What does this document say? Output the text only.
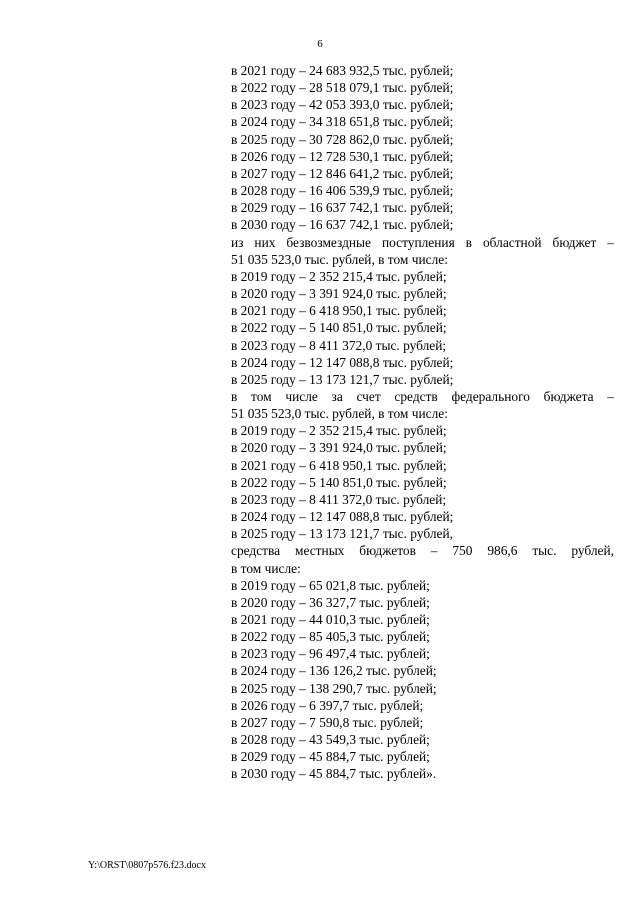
6
в 2021 году – 24 683 932,5 тыс. рублей;
в 2022 году – 28 518 079,1 тыс. рублей;
в 2023 году – 42 053 393,0 тыс. рублей;
в 2024 году – 34 318 651,8 тыс. рублей;
в 2025 году – 30 728 862,0 тыс. рублей;
в 2026 году – 12 728 530,1 тыс. рублей;
в 2027 году – 12 846 641,2 тыс. рублей;
в 2028 году – 16 406 539,9 тыс. рублей;
в 2029 году – 16 637 742,1 тыс. рублей;
в 2030 году – 16 637 742,1 тыс. рублей;
из них безвозмездные поступления в областной бюджет –
51 035 523,0 тыс. рублей, в том числе:
в 2019 году – 2 352 215,4 тыс. рублей;
в 2020 году – 3 391 924,0 тыс. рублей;
в 2021 году – 6 418 950,1 тыс. рублей;
в 2022 году – 5 140 851,0 тыс. рублей;
в 2023 году – 8 411 372,0 тыс. рублей;
в 2024 году – 12 147 088,8 тыс. рублей;
в 2025 году – 13 173 121,7 тыс. рублей;
в том числе за счет средств федерального бюджета –
51 035 523,0 тыс. рублей, в том числе:
в 2019 году – 2 352 215,4 тыс. рублей;
в 2020 году – 3 391 924,0 тыс. рублей;
в 2021 году – 6 418 950,1 тыс. рублей;
в 2022 году – 5 140 851,0 тыс. рублей;
в 2023 году – 8 411 372,0 тыс. рублей;
в 2024 году – 12 147 088,8 тыс. рублей;
в 2025 году – 13 173 121,7 тыс. рублей,
средства местных бюджетов – 750 986,6 тыс. рублей,
в том числе:
в 2019 году – 65 021,8 тыс. рублей;
в 2020 году – 36 327,7 тыс. рублей;
в 2021 году – 44 010,3 тыс. рублей;
в 2022 году – 85 405,3 тыс. рублей;
в 2023 году – 96 497,4 тыс. рублей;
в 2024 году – 136 126,2 тыс. рублей;
в 2025 году – 138 290,7 тыс. рублей;
в 2026 году – 6 397,7 тыс. рублей;
в 2027 году – 7 590,8 тыс. рублей;
в 2028 году – 43 549,3 тыс. рублей;
в 2029 году – 45 884,7 тыс. рублей;
в 2030 году – 45 884,7 тыс. рублей».
Y:\ORST\0807p576.f23.docx
